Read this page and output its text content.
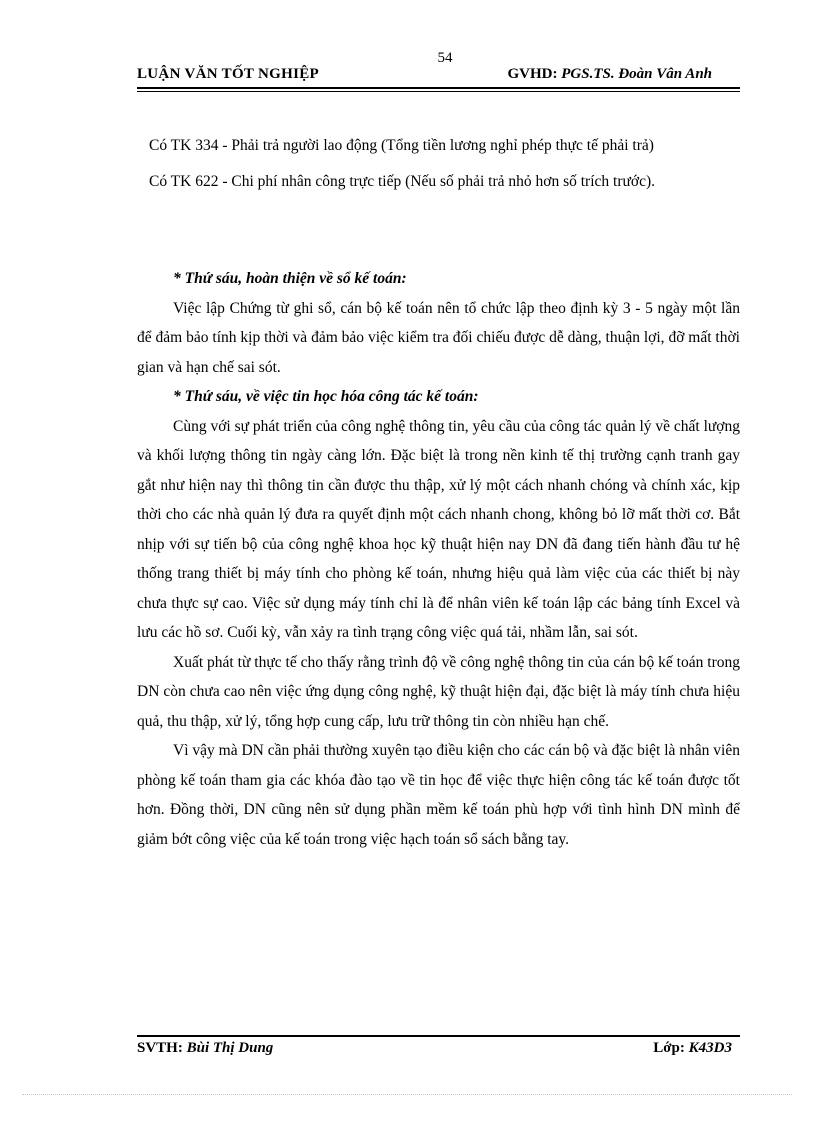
54
LUẬN VĂN TỐT NGHIỆP	GVHD: PGS.TS. Đoàn Vân Anh
Có TK 334 - Phải trả người lao động (Tổng tiền lương nghỉ phép thực tế phải trả)
Có TK 622 - Chi phí nhân công trực tiếp (Nếu số phải trả nhỏ hơn số trích trước).

* Thứ sáu, hoàn thiện về sổ kế toán:

Việc lập Chứng từ ghi sổ, cán bộ kế toán nên tổ chức lập theo định kỳ 3 - 5 ngày một lần để đảm bảo tính kịp thời và đảm bảo việc kiểm tra đối chiếu được dễ dàng, thuận lợi, đỡ mất thời gian và hạn chế sai sót.

* Thứ sáu, về việc tin học hóa công tác kế toán:

Cùng với sự phát triển của công nghệ thông tin, yêu cầu của công tác quản lý về chất lượng và khối lượng thông tin ngày càng lớn. Đặc biệt là trong nền kinh tế thị trường cạnh tranh gay gắt như hiện nay thì thông tin cần được thu thập, xử lý một cách nhanh chóng và chính xác, kịp thời cho các nhà quản lý đưa ra quyết định một cách nhanh chong, không bỏ lỡ mất thời cơ. Bắt nhịp với sự tiến bộ của công nghệ khoa học kỹ thuật hiện nay DN đã đang tiến hành đầu tư hệ thống trang thiết bị máy tính cho phòng kế toán, nhưng hiệu quả làm việc của các thiết bị này chưa thực sự cao. Việc sử dụng máy tính chỉ là để nhân viên kế toán lập các bảng tính Excel và lưu các hồ sơ. Cuối kỳ, vẫn xảy ra tình trạng công việc quá tải, nhầm lẫn, sai sót.

Xuất phát từ thực tế cho thấy rằng trình độ về công nghệ thông tin của cán bộ kế toán trong DN còn chưa cao nên việc ứng dụng công nghệ, kỹ thuật hiện đại, đặc biệt là máy tính chưa hiệu quả, thu thập, xử lý, tổng hợp cung cấp, lưu trữ thông tin còn nhiều hạn chế.

Vì vậy mà DN cần phải thường xuyên tạo điều kiện cho các cán bộ và đặc biệt là nhân viên phòng kế toán tham gia các khóa đào tạo về tin học để việc thực hiện công tác kế toán được tốt hơn. Đồng thời, DN cũng nên sử dụng phần mềm kế toán phù hợp với tình hình DN mình để giảm bớt công việc của kế toán trong việc hạch toán sổ sách bằng tay.

SVTH: Bùi Thị Dung	Lớp: K43D3
